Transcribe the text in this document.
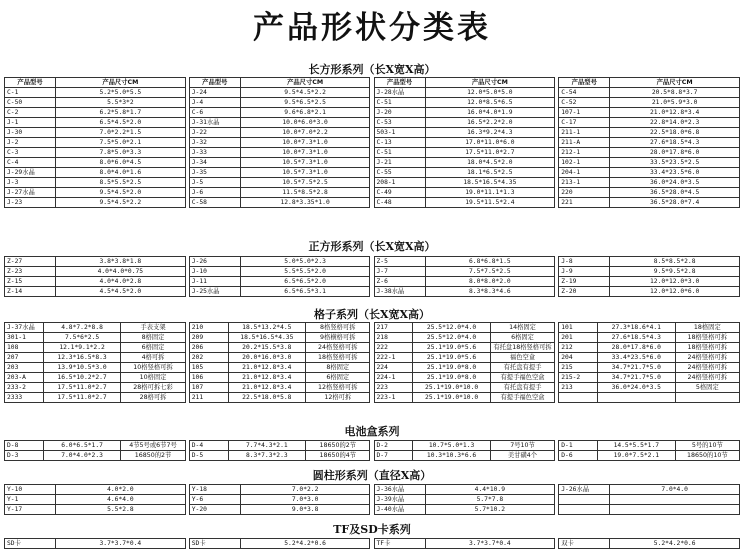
产品形状分类表
长方形系列（长X宽X高）
产品型号	产品尺寸CM		产品型号	产品尺寸CM		产品型号	产品尺寸CM		产品型号	产品尺寸CM
C-1	5.2*5.0*5.5		J-24	9.5*4.5*2.2		J-28水晶	12.0*5.0*5.0		C-54	20.5*8.8*3.7
C-50	5.5*3*2		J-4	9.5*6.5*2.5		C-51	12.0*8.5*6.5		C-52	21.0*5.9*3.0
C-2	6.2*5.8*1.7		C-6	9.6*6.8*2.1		J-20	16.0*4.0*1.9		107-1	21.0*12.8*3.4
J-1	6.5*4.5*2.0		J-31水晶	10.0*6.0*3.0		C-53	16.5*2.2*2.0		C-17	22.8*14.0*2.3
J-30	7.0*2.2*1.5		J-22	10.0*7.0*2.2		503-1	16.3*9.2*4.3		211-1	22.5*18.0*6.8
J-2	7.5*5.0*2.1		J-32	10.0*7.3*1.0		C-13	17.0*11.0*6.0		211-A	27.6*18.5*4.3
C-3	7.8*5.0*3.3		J-33	10.0*7.3*1.0		C-51	17.5*11.0*2.7		212-1	28.0*17.8*6.0
C-4	8.0*6.0*4.5		J-34	10.5*7.3*1.0		J-21	18.0*4.5*2.0		102-1	33.5*23.5*2.5
J-29水晶	8.0*4.0*1.6		J-35	10.5*7.3*1.0		C-55	18.1*6.5*2.5		204-1	33.4*23.5*6.0
J-3	8.5*5.5*2.5		J-5	10.5*7.5*2.5		208-1	18.5*16.5*4.35		213-1	36.0*24.0*3.5
J-27水晶	9.5*4.5*2.0		J-6	11.5*8.5*2.8		C-49	19.0*11.1*1.3		220	36.5*28.0*4.5
J-23	9.5*4.5*2.2		C-58	12.8*3.35*1.0		C-48	19.5*11.5*2.4		221	36.5*28.0*7.4
正方形系列（长X宽X高）
Z-27	3.8*3.8*1.8		J-26	5.0*5.0*2.3		Z-5	6.8*6.8*1.5		J-8	8.5*8.5*2.8
Z-23	4.0*4.0*0.75		J-10	5.5*5.5*2.0		J-7	7.5*7.5*2.5		J-9	9.5*9.5*2.8
Z-15	4.0*4.0*2.8		J-11	6.5*6.5*2.0		Z-6	8.0*8.0*2.0		Z-19	12.0*12.0*3.0
Z-14	4.5*4.5*2.0		J-25水晶	6.5*6.5*3.1		J-38水晶	8.3*8.3*4.6		Z-20	12.0*12.0*6.0
格子系列（长X宽X高）
J-37水晶	4.8*7.2*8.8	手表支架		210	18.5*13.2*4.5	8格竖格可拆		217	25.5*12.0*4.0	14格固定		101	27.3*18.6*4.1	18格固定
301-1	7.5*6*2.5	8格固定		209	18.5*16.5*4.35	9格横格可拆		218	25.5*12.0*4.0	6格固定		201	27.6*18.5*4.3	18格竖格可拆
108	12.1*9.1*2.2	6格固定		206	20.2*15.5*3.8	24格竖格可拆		222	25.1*19.0*5.6	有托盘18格竖格可拆		212	28.0*17.8*6.0	18格竖格可拆
207	12.3*16.5*8.3	4格可拆		202	20.0*16.0*3.0	18格竖格可拆		222-1	25.1*19.0*5.6	福色空盒		204	33.4*23.5*6.0	24格竖格可拆
203	13.9*10.5*3.0	10格竖格可拆		105	21.0*12.8*3.4	8格固定		224	25.1*19.0*8.0	有托盘有提手		215	34.7*21.7*5.0	24格竖格可拆
203-A	16.5*10.2*2.7	10格固定		106	21.0*12.8*3.4	6格固定		224-1	25.1*19.0*8.0	有提手福色空盒		215-2	34.7*21.7*5.0	24格竖格可拆
233-2	17.5*11.0*2.7	28格可拆七彩		107	21.0*12.8*3.4	12格竖格可拆		223	25.1*19.0*10.0	有托盘有提手		213	36.0*24.0*3.5	5格固定
2333	17.5*11.0*2.7	28格可拆		211	22.5*18.0*5.8	12格可拆		223-1	25.1*19.0*10.0	有提手福色空盒				
电池盒系列
D-8	6.0*6.5*1.7	4节5号或6节7号		D-4	7.7*4.3*2.1	18650的2节		D-2	10.7*5.0*1.3	7号10节		D-1	14.5*5.5*1.7	5号的10节
D-3	7.0*4.0*2.3	16850的2节		D-5	8.3*7.3*2.3	18650的4节		D-7	10.3*10.3*6.6	美甘磺4个		D-6	19.0*7.5*2.1	18650的10节
圆柱形系列（直径X高）
Y-10	4.0*2.0		Y-18	7.0*2.2		J-36水晶	4.4*10.9		J-26水晶	7.0*4.0
Y-1	4.6*4.0		Y-6	7.0*3.0		J-39水晶	5.7*7.8			
Y-17	5.5*2.8		Y-20	9.0*3.8		J-40水晶	5.7*10.2			
TF及SD卡系列
SD卡	3.7*3.7*0.4		SD卡	5.2*4.2*0.6		TF卡	3.7*3.7*0.4		双卡	5.2*4.2*0.6
